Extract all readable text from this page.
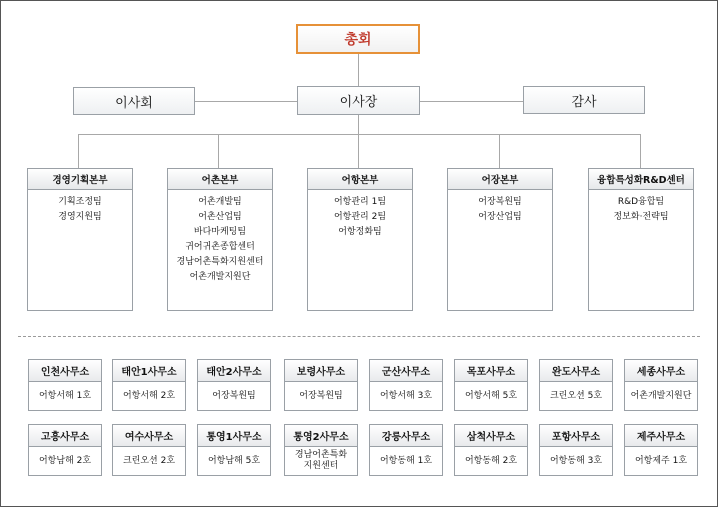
총회
이사회	이사장	감사
경영기획본부
기획조정팀
경영지원팀
어촌본부
어촌개발팀
어촌산업팀
바다마케팅팀
귀어귀촌종합센터
경남어촌특화지원센터
어촌개발지원단
어항본부
어항관리 1팀
어항관리 2팀
어항정화팀
어장본부
어장복원팀
어장산업팀
융합특성화R&D센터
R&D융합팀
정보화·전략팀
인천사무소
어항서해 1호
태안1사무소
어항서해 2호
태안2사무소
어장복원팀
보령사무소
어장복원팀
군산사무소
어항서해 3호
목포사무소
어항서해 5호
완도사무소
크린오션 5호
세종사무소
어촌개발지원단
고흥사무소
어항남해 2호
여수사무소
크린오션 2호
통영1사무소
어항남해 5호
통영2사무소
경남어촌특화
지원센터
강릉사무소
어항동해 1호
삼척사무소
어항동해 2호
포항사무소
어항동해 3호
제주사무소
어항제주 1호
